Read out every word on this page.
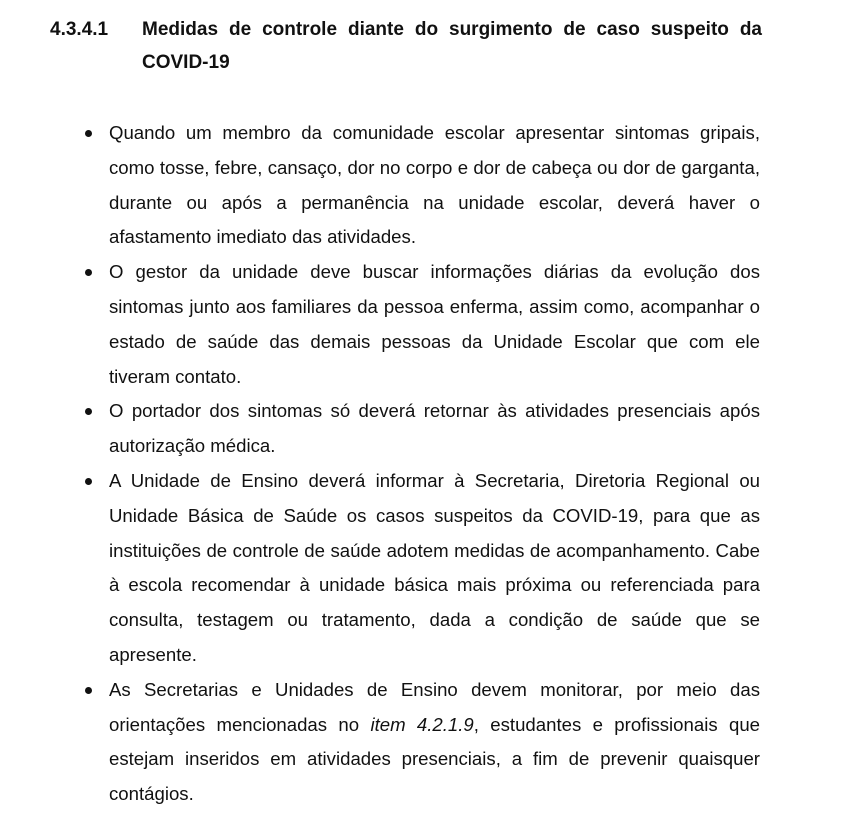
4.3.4.1	Medidas de controle diante do surgimento de caso suspeito da COVID-19
Quando um membro da comunidade escolar apresentar sintomas gripais, como tosse, febre, cansaço, dor no corpo e dor de cabeça ou dor de garganta, durante ou após a permanência na unidade escolar, deverá haver o afastamento imediato das atividades.
O gestor da unidade deve buscar informações diárias da evolução dos sintomas junto aos familiares da pessoa enferma, assim como, acompanhar o estado de saúde das demais pessoas da Unidade Escolar que com ele tiveram contato.
O portador dos sintomas só deverá retornar às atividades presenciais após autorização médica.
A Unidade de Ensino deverá informar à Secretaria, Diretoria Regional ou Unidade Básica de Saúde os casos suspeitos da COVID-19, para que as instituições de controle de saúde adotem medidas de acompanhamento. Cabe à escola recomendar à unidade básica mais próxima ou referenciada para consulta, testagem ou tratamento, dada a condição de saúde que se apresente.
As Secretarias e Unidades de Ensino devem monitorar, por meio das orientações mencionadas no item 4.2.1.9, estudantes e profissionais que estejam inseridos em atividades presenciais, a fim de prevenir quaisquer contágios.
